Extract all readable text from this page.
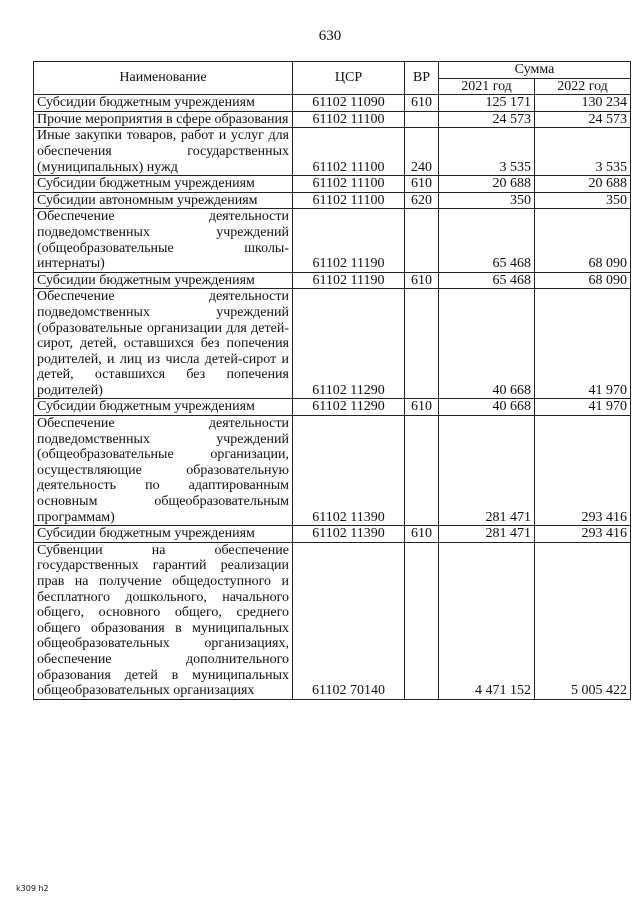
630
Наименование	ЦСР	ВР	Сумма	
			2021 год	2022 год
Субсидии бюджетным учреждениям	61102 11090	610	125 171	130 234
Прочие мероприятия в сфере образования	61102 11100		24 573	24 573
Иные закупки товаров, работ и услуг для обеспечения государственных (муниципальных) нужд	61102 11100	240	3 535	3 535
Субсидии бюджетным учреждениям	61102 11100	610	20 688	20 688
Субсидии автономным учреждениям	61102 11100	620	350	350
Обеспечение деятельности подведомственных учреждений (общеобразовательные школы-интернаты)	61102 11190		65 468	68 090
Субсидии бюджетным учреждениям	61102 11190	610	65 468	68 090
Обеспечение деятельности подведомственных учреждений (образовательные организации для детей-сирот, детей, оставшихся без попечения родителей, и лиц из числа детей-сирот и детей, оставшихся без попечения родителей)	61102 11290		40 668	41 970
Субсидии бюджетным учреждениям	61102 11290	610	40 668	41 970
Обеспечение деятельности подведомственных учреждений (общеобразовательные организации, осуществляющие образовательную деятельность по адаптированным основным общеобразовательным программам)	61102 11390		281 471	293 416
Субсидии бюджетным учреждениям	61102 11390	610	281 471	293 416
Субвенции на обеспечение государственных гарантий реализации прав на получение общедоступного и бесплатного дошкольного, начального общего, основного общего, среднего общего образования в муниципальных общеобразовательных организациях, обеспечение дополнительного образования детей в муниципальных общеобразовательных организациях	61102 70140		4 471 152	5 005 422
k309 h2
